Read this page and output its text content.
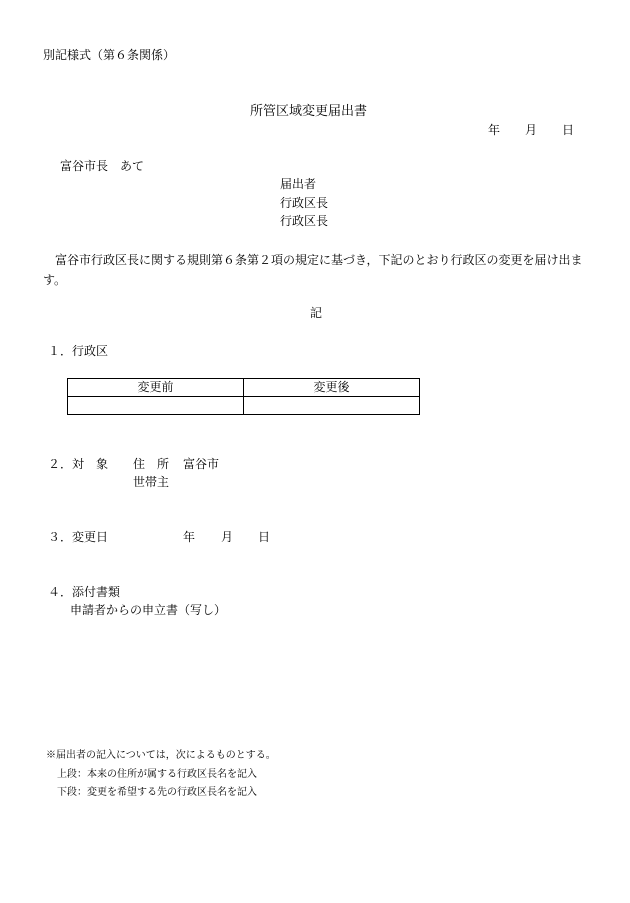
別記様式（第６条関係）
所管区域変更届出書
年 月 日
富谷市長　あて
届出者
行政区長
行政区長
富谷市行政区長に関する規則第６条第２項の規定に基づき，下記のとおり行政区の変更を届け出ます。
記
１．行政区
変更前	変更後

２．対　象 住　所 富谷市
世帯主
３．変更日	年 月 日
４．添付書類
申請者からの申立書（写し）
※届出者の記入については，次によるものとする。
上段：本来の住所が属する行政区長名を記入
下段：変更を希望する先の行政区長名を記入
